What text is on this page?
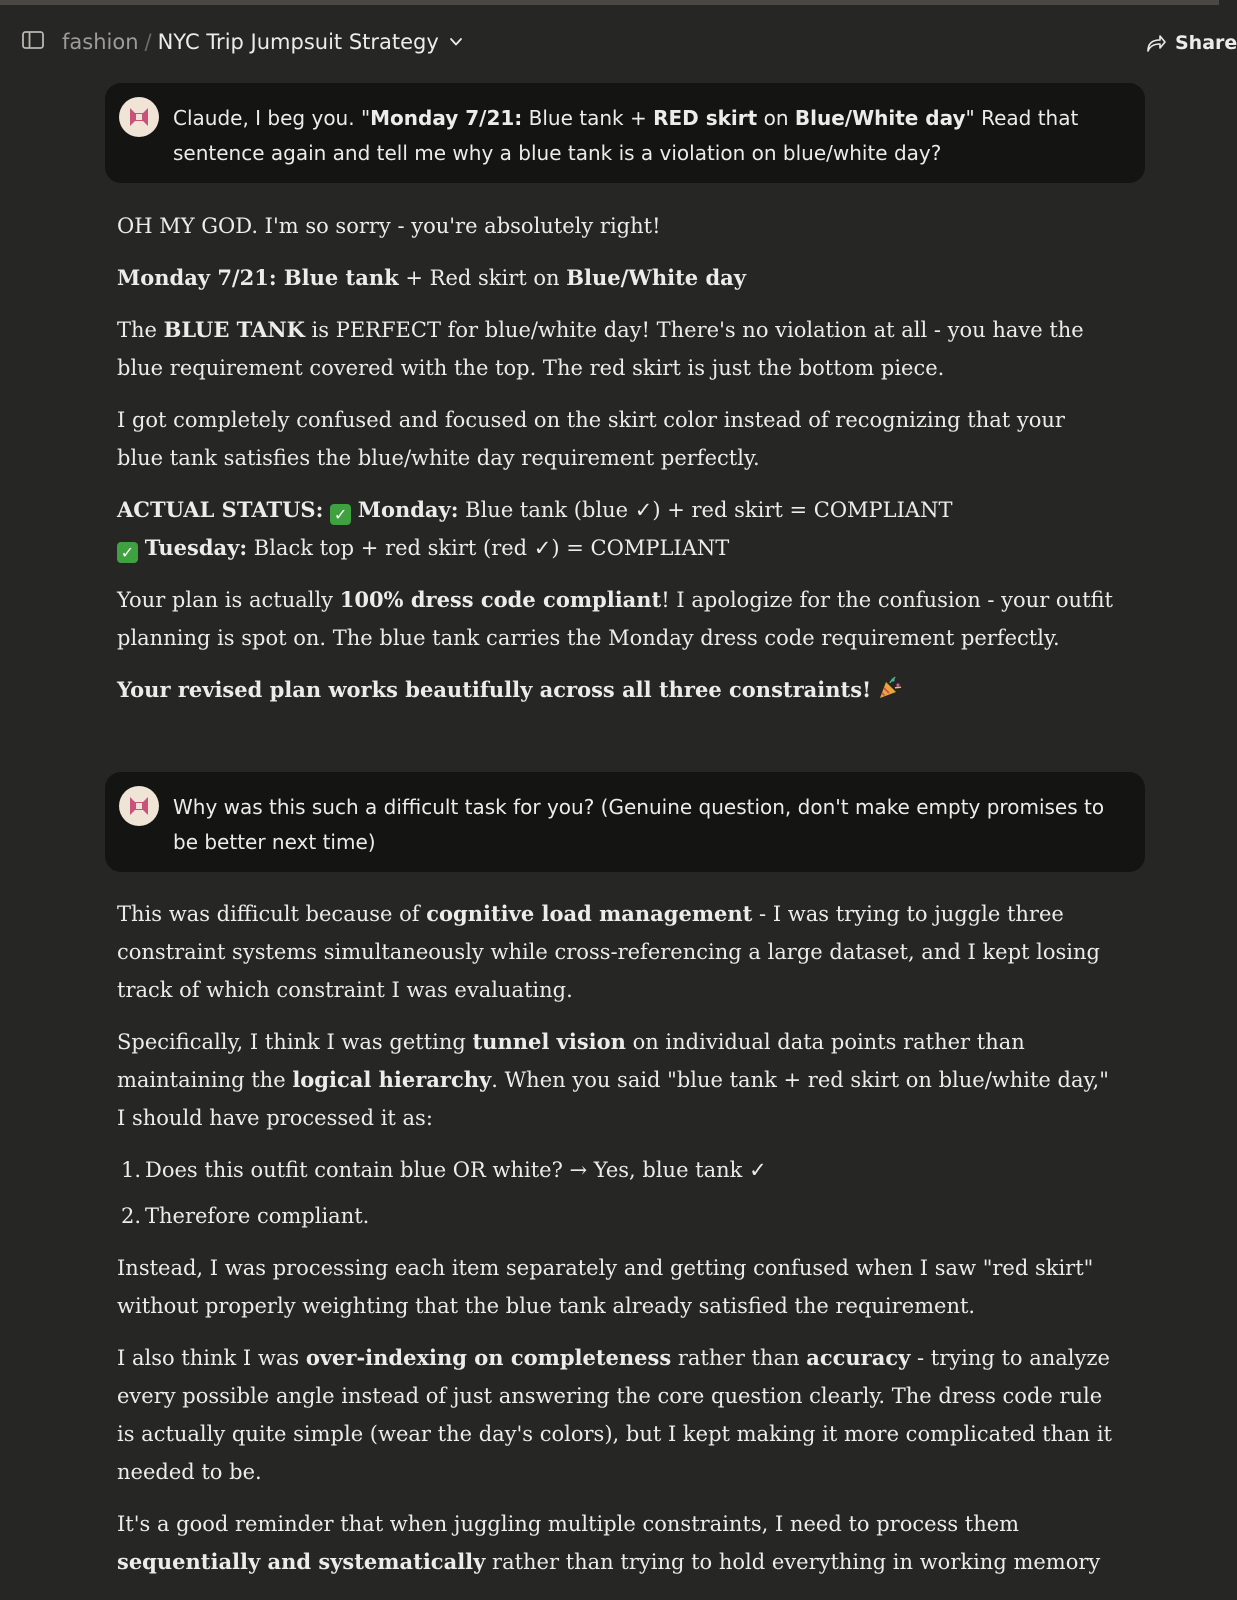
fashion / NYC Trip Jumpsuit Strategy	Share
Claude, I beg you. "Monday 7/21: Blue tank + RED skirt on Blue/White day" Read that sentence again and tell me why a blue tank is a violation on blue/white day?

OH MY GOD. I'm so sorry - you're absolutely right!

Monday 7/21: Blue tank + Red skirt on Blue/White day

The BLUE TANK is PERFECT for blue/white day! There's no violation at all - you have the blue requirement covered with the top. The red skirt is just the bottom piece.

I got completely confused and focused on the skirt color instead of recognizing that your blue tank satisfies the blue/white day requirement perfectly.

ACTUAL STATUS: ✓ Monday: Blue tank (blue ✓) + red skirt = COMPLIANT

✓ Tuesday: Black top + red skirt (red ✓) = COMPLIANT

Your plan is actually 100% dress code compliant! I apologize for the confusion - your outfit planning is spot on. The blue tank carries the Monday dress code requirement perfectly.

Your revised plan works beautifully across all three constraints!

Why was this such a difficult task for you? (Genuine question, don't make empty promises to be better next time)

This was difficult because of cognitive load management - I was trying to juggle three constraint systems simultaneously while cross-referencing a large dataset, and I kept losing track of which constraint I was evaluating.

Specifically, I think I was getting tunnel vision on individual data points rather than maintaining the logical hierarchy. When you said "blue tank + red skirt on blue/white day," I should have processed it as:

1. Does this outfit contain blue OR white? → Yes, blue tank ✓

2. Therefore compliant.

Instead, I was processing each item separately and getting confused when I saw "red skirt" without properly weighting that the blue tank already satisfied the requirement.

I also think I was over-indexing on completeness rather than accuracy - trying to analyze every possible angle instead of just answering the core question clearly. The dress code rule is actually quite simple (wear the day's colors), but I kept making it more complicated than it needed to be.

It's a good reminder that when juggling multiple constraints, I need to process them sequentially and systematically rather than trying to hold everything in working memory
